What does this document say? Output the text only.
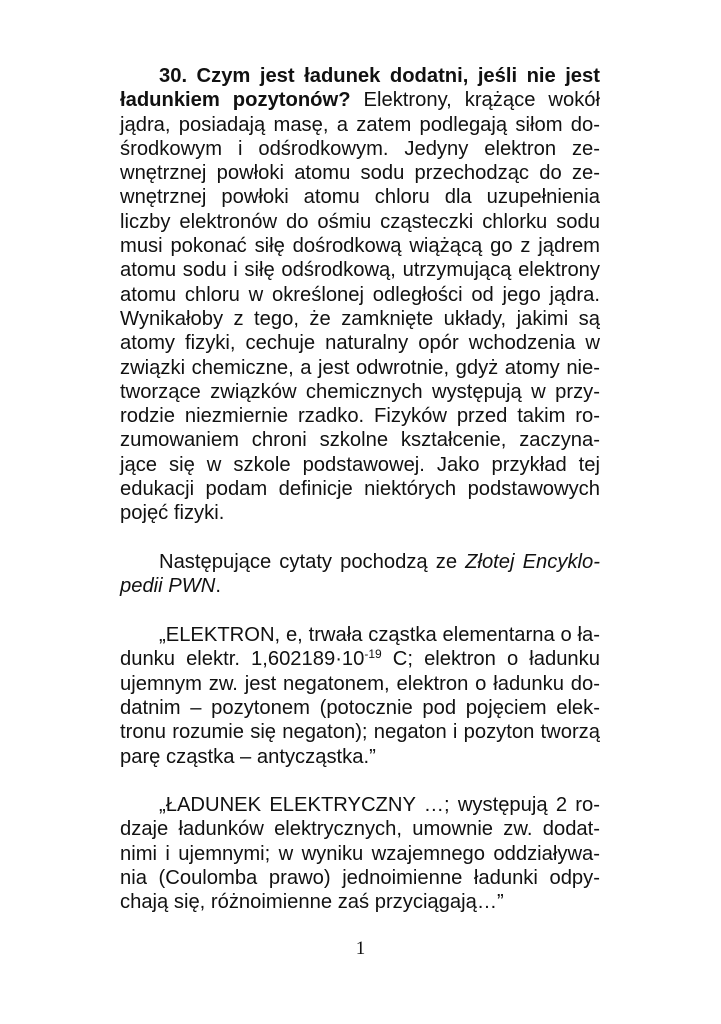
30. Czym jest ładunek dodatni, jeśli nie jest ładunkiem pozytonów? Elektrony, krążące wokół jądra, posiadają masę, a zatem podlegają siłom dośrodkowym i odśrodkowym. Jedyny elektron zewnętrznej powłoki atomu sodu przechodząc do zewnętrznej powłoki atomu chloru dla uzupełnienia liczby elektronów do ośmiu cząsteczki chlorku sodu musi pokonać siłę dośrodkową wiążącą go z jądrem atomu sodu i siłę odśrodkową, utrzymującą elektrony atomu chloru w określonej odległości od jego jądra. Wynikałoby z tego, że zamknięte układy, jakimi są atomy fizyki, cechuje naturalny opór wchodzenia w związki chemiczne, a jest odwrotnie, gdyż atomy nietworzące związków chemicznych występują w przyrodzie niezmiernie rzadko. Fizyków przed takim rozumowaniem chroni szkolne kształcenie, zaczynające się w szkole podstawowej. Jako przykład tej edukacji podam definicje niektórych podstawowych pojęć fizyki.

Następujące cytaty pochodzą ze Złotej Encyklopedii PWN.

„ELEKTRON, e, trwała cząstka elementarna o ładunku elektr. $1,602189\cdot 10^{-19}$ C; elektron o ładunku ujemnym zw. jest negatonem, elektron o ładunku dodatnim – pozytonem (potocznie pod pojęciem elektronu rozumie się negaton); negaton i pozyton tworzą parę cząstka – antycząstka.”

„ŁADUNEK ELEKTRYCZNY …; występują 2 rodzaje ładunków elektrycznych, umownie zw. dodatnimi i ujemnymi; w wyniku wzajemnego oddziaływania (Coulomba prawo) jednoimienne ładunki odpychają się, różnoimienne zaś przyciągają…”

1
